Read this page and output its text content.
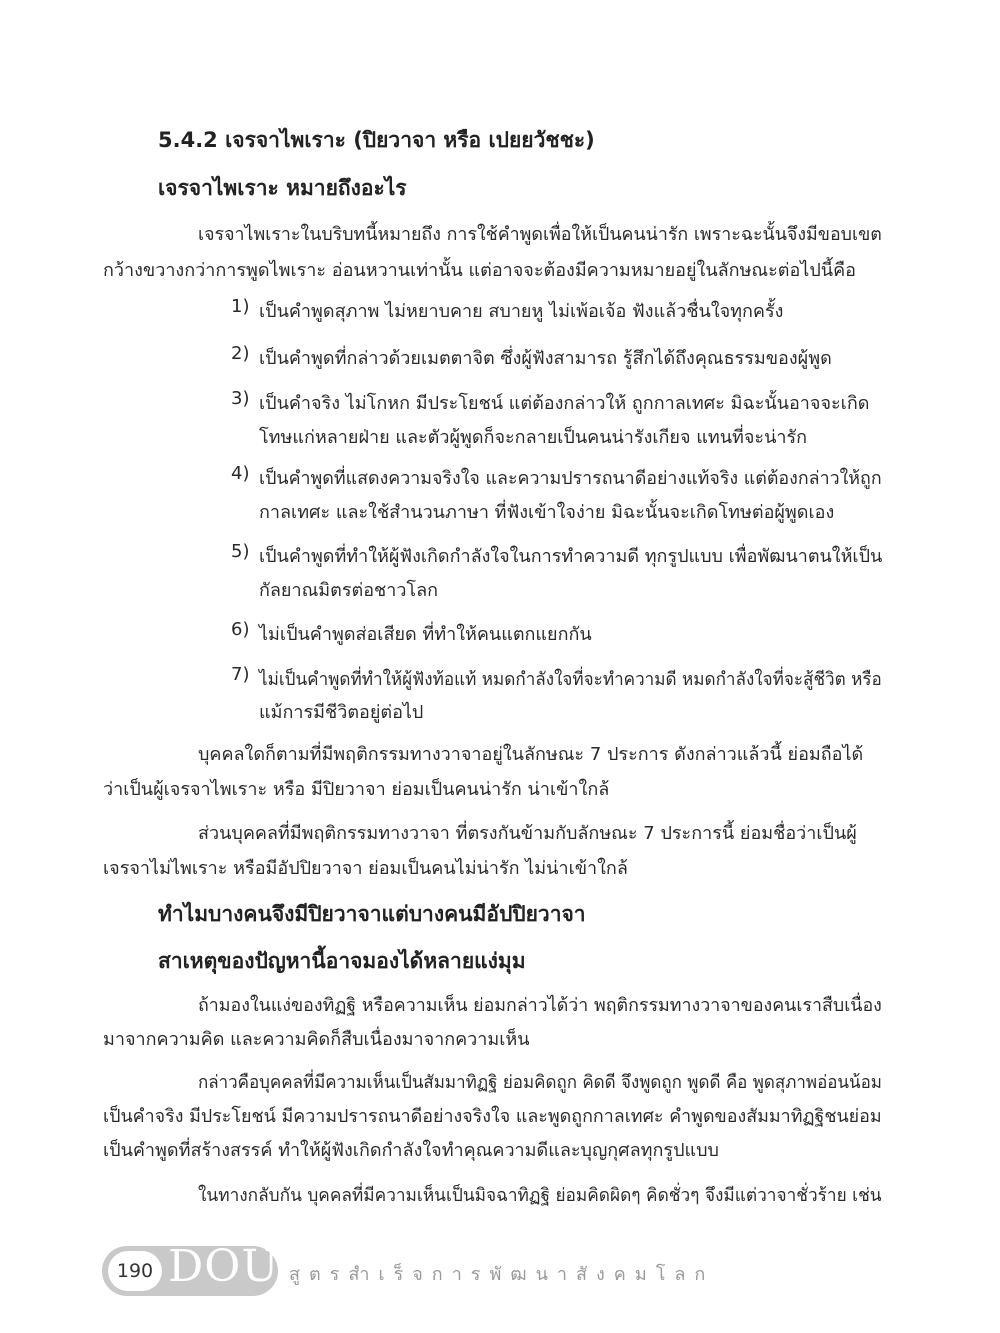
5.4.2 เจรจาไพเราะ (ปิยวาจา หรือ เปยยวัชชะ)
เจรจาไพเราะ หมายถึงอะไร
เจรจาไพเราะในบริบทนี้หมายถึง การใช้คำพูดเพื่อให้เป็นคนน่ารัก เพราะฉะนั้นจึงมีขอบเขต
กว้างขวางกว่าการพูดไพเราะ อ่อนหวานเท่านั้น แต่อาจจะต้องมีความหมายอยู่ในลักษณะต่อไปนี้คือ
1) เป็นคำพูดสุภาพ ไม่หยาบคาย สบายหู ไม่เพ้อเจ้อ ฟังแล้วชื่นใจทุกครั้ง
2) เป็นคำพูดที่กล่าวด้วยเมตตาจิต ซึ่งผู้ฟังสามารถ รู้สึกได้ถึงคุณธรรมของผู้พูด
3) เป็นคำจริง ไม่โกหก มีประโยชน์ แต่ต้องกล่าวให้ ถูกกาลเทศะ มิฉะนั้นอาจจะเกิด
โทษแก่หลายฝ่าย และตัวผู้พูดก็จะกลายเป็นคนน่ารังเกียจ แทนที่จะน่ารัก
4) เป็นคำพูดที่แสดงความจริงใจ และความปรารถนาดีอย่างแท้จริง แต่ต้องกล่าวให้ถูก
กาลเทศะ และใช้สำนวนภาษา ที่ฟังเข้าใจง่าย มิฉะนั้นจะเกิดโทษต่อผู้พูดเอง
5) เป็นคำพูดที่ทำให้ผู้ฟังเกิดกำลังใจในการทำความดี ทุกรูปแบบ เพื่อพัฒนาตนให้เป็น
กัลยาณมิตรต่อชาวโลก
6) ไม่เป็นคำพูดส่อเสียด ที่ทำให้คนแตกแยกกัน
7) ไม่เป็นคำพูดที่ทำให้ผู้ฟังท้อแท้ หมดกำลังใจที่จะทำความดี หมดกำลังใจที่จะสู้ชีวิต หรือ
แม้การมีชีวิตอยู่ต่อไป
บุคคลใดก็ตามที่มีพฤติกรรมทางวาจาอยู่ในลักษณะ 7 ประการ ดังกล่าวแล้วนี้ ย่อมถือได้
ว่าเป็นผู้เจรจาไพเราะ หรือ มีปิยวาจา ย่อมเป็นคนน่ารัก น่าเข้าใกล้
ส่วนบุคคลที่มีพฤติกรรมทางวาจา ที่ตรงกันข้ามกับลักษณะ 7 ประการนี้ ย่อมชื่อว่าเป็นผู้
เจรจาไม่ไพเราะ หรือมีอัปปิยวาจา ย่อมเป็นคนไม่น่ารัก ไม่น่าเข้าใกล้
ทำไมบางคนจึงมีปิยวาจาแต่บางคนมีอัปปิยวาจา
สาเหตุของปัญหานี้อาจมองได้หลายแง่มุม
ถ้ามองในแง่ของทิฏฐิ หรือความเห็น ย่อมกล่าวได้ว่า พฤติกรรมทางวาจาของคนเราสืบเนื่อง
มาจากความคิด และความคิดก็สืบเนื่องมาจากความเห็น
กล่าวคือบุคคลที่มีความเห็นเป็นสัมมาทิฏฐิ ย่อมคิดถูก คิดดี จึงพูดถูก พูดดี คือ พูดสุภาพอ่อนน้อม
เป็นคำจริง มีประโยชน์ มีความปรารถนาดีอย่างจริงใจ และพูดถูกกาลเทศะ คำพูดของสัมมาทิฏฐิชนย่อม
เป็นคำพูดที่สร้างสรรค์ ทำให้ผู้ฟังเกิดกำลังใจทำคุณความดีและบุญกุศลทุกรูปแบบ
ในทางกลับกัน บุคคลที่มีความเห็นเป็นมิจฉาทิฏฐิ ย่อมคิดผิดๆ คิดชั่วๆ จึงมีแต่วาจาชั่วร้าย เช่น
190 DOU สูตรสำเร็จการพัฒนาสังคมโลก
